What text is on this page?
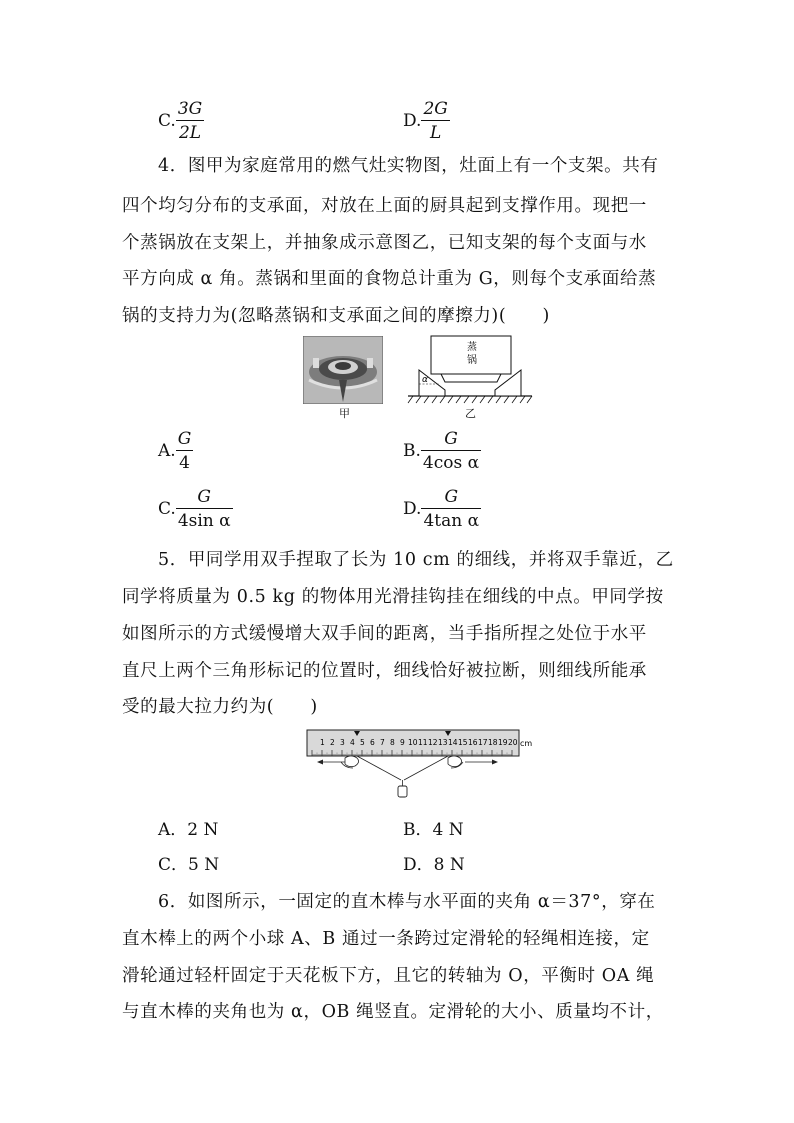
C. $\frac{3G}{2L}$	D. $\frac{2G}{L}$
4．图甲为家庭常用的燃气灶实物图，灶面上有一个支架。共有
四个均匀分布的支承面，对放在上面的厨具起到支撑作用。现把一
个蒸锅放在支架上，并抽象成示意图乙，已知支架的每个支面与水
平方向成 α 角。蒸锅和里面的食物总计重为 G，则每个支承面给蒸
锅的支持力为(忽略蒸锅和支承面之间的摩擦力)(　　)
甲
蒸
锅
α
乙
A. $\frac{G}{4}$	B. $\frac{G}{\text{4cos α}}$
C. $\frac{G}{\text{4sin α}}$	D. $\frac{G}{\text{4tan α}}$
5．甲同学用双手捏取了长为 10 cm 的细线，并将双手靠近，乙
同学将质量为 0.5 kg 的物体用光滑挂钩挂在细线的中点。甲同学按
如图所示的方式缓慢增大双手间的距离，当手指所捏之处位于水平
直尺上两个三角形标记的位置时，细线恰好被拉断，则细线所能承
受的最大拉力约为(　　)
cm
1 2 3 4 5 6 7 8 9 10 11 12 13 14 15 16 17 18 19 20
A．2 N	B．4 N
C．5 N	D．8 N
6．如图所示，一固定的直木棒与水平面的夹角 α＝37°，穿在
直木棒上的两个小球 A、B 通过一条跨过定滑轮的轻绳相连接，定
滑轮通过轻杆固定于天花板下方，且它的转轴为 O，平衡时 OA 绳
与直木棒的夹角也为 α，OB 绳竖直。定滑轮的大小、质量均不计，
